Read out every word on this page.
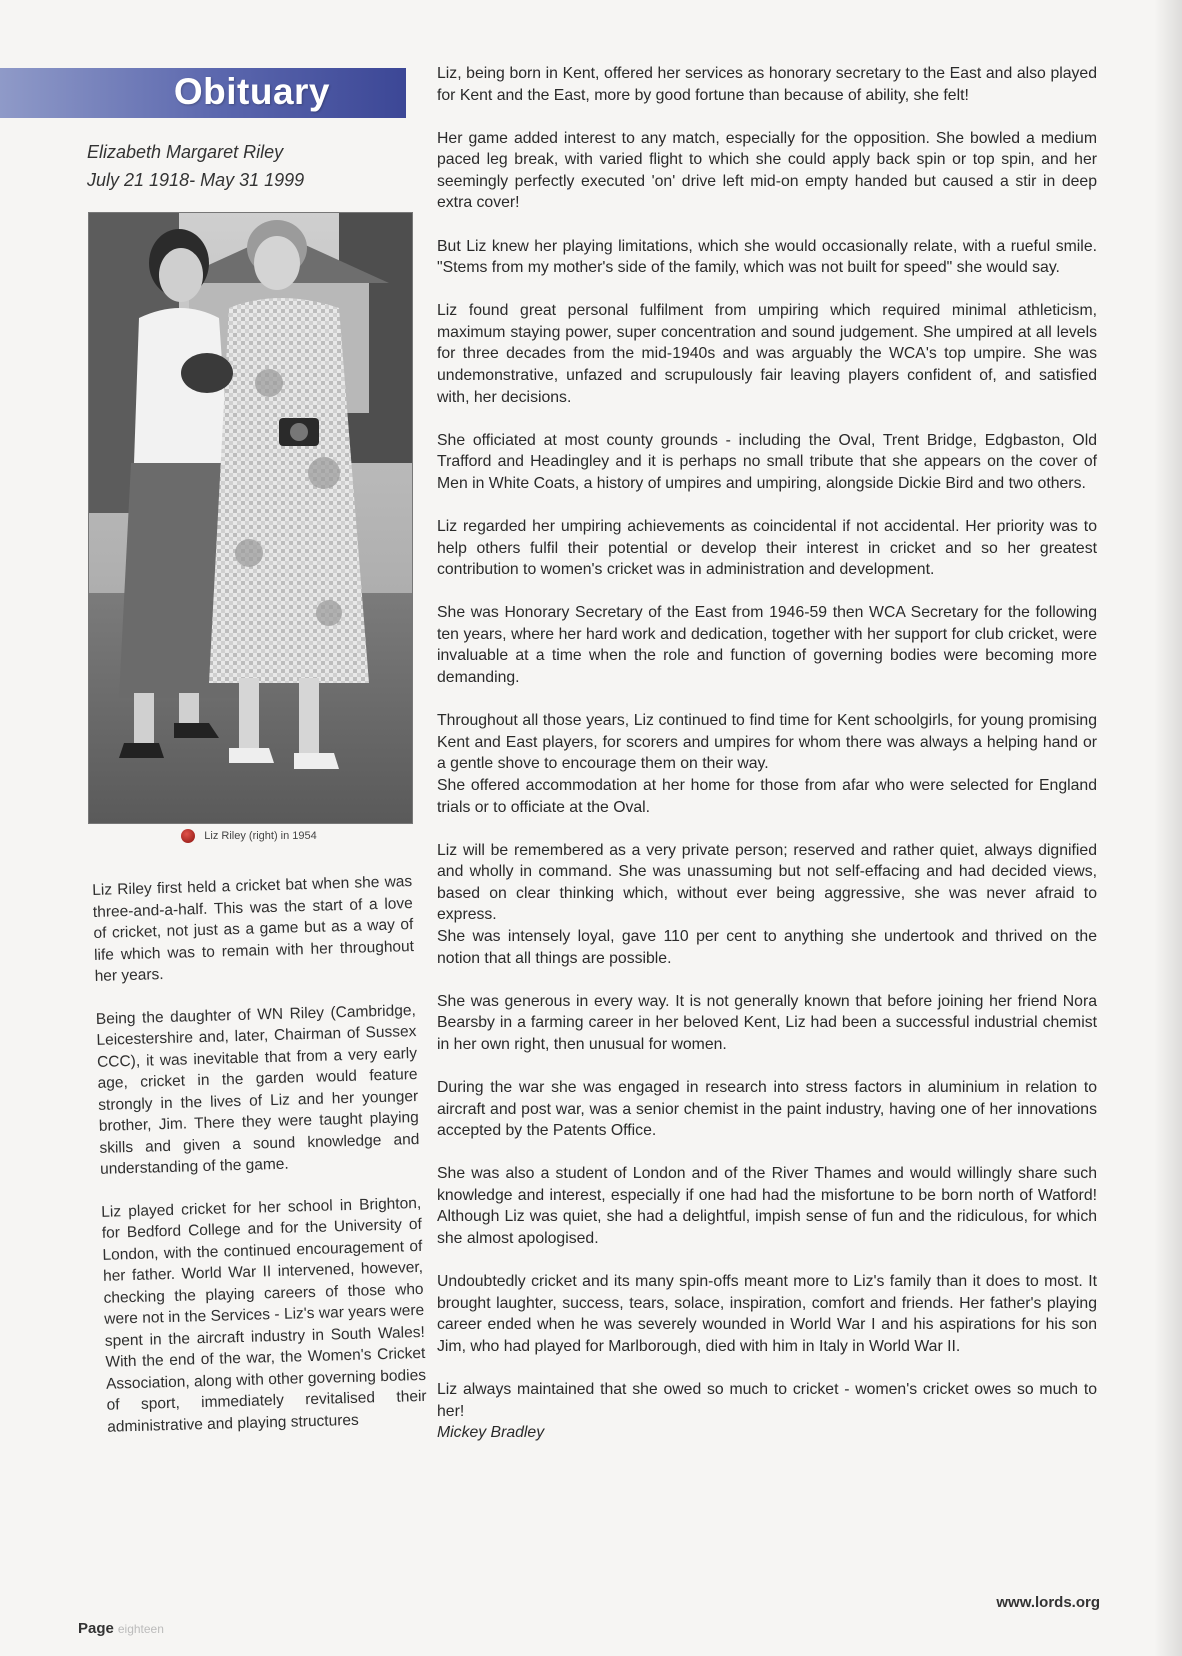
Obituary
Elizabeth Margaret Riley
July 21 1918- May 31 1999
Liz Riley (right) in 1954

Liz Riley first held a cricket bat when she was three-and-a-half. This was the start of a love of cricket, not just as a game but as a way of life which was to remain with her throughout her years.

Being the daughter of WN Riley (Cambridge, Leicestershire and, later, Chairman of Sussex CCC), it was inevitable that from a very early age, cricket in the garden would feature strongly in the lives of Liz and her younger brother, Jim. There they were taught playing skills and given a sound knowledge and understanding of the game.

Liz played cricket for her school in Brighton, for Bedford College and for the University of London, with the continued encouragement of her father. World War II intervened, however, checking the playing careers of those who were not in the Services - Liz's war years were spent in the aircraft industry in South Wales! With the end of the war, the Women's Cricket Association, along with other governing bodies of sport, immediately revitalised their administrative and playing structures

Liz, being born in Kent, offered her services as honorary secretary to the East and also played for Kent and the East, more by good fortune than because of ability, she felt!

Her game added interest to any match, especially for the opposition. She bowled a medium paced leg break, with varied flight to which she could apply back spin or top spin, and her seemingly perfectly executed 'on' drive left mid-on empty handed but caused a stir in deep extra cover!

But Liz knew her playing limitations, which she would occasionally relate, with a rueful smile. "Stems from my mother's side of the family, which was not built for speed" she would say.

Liz found great personal fulfilment from umpiring which required minimal athleticism, maximum staying power, super concentration and sound judgement. She umpired at all levels for three decades from the mid-1940s and was arguably the WCA's top umpire. She was undemonstrative, unfazed and scrupulously fair leaving players confident of, and satisfied with, her decisions.

She officiated at most county grounds - including the Oval, Trent Bridge, Edgbaston, Old Trafford and Headingley and it is perhaps no small tribute that she appears on the cover of Men in White Coats, a history of umpires and umpiring, alongside Dickie Bird and two others.

Liz regarded her umpiring achievements as coincidental if not accidental. Her priority was to help others fulfil their potential or develop their interest in cricket and so her greatest contribution to women's cricket was in administration and development.

She was Honorary Secretary of the East from 1946-59 then WCA Secretary for the following ten years, where her hard work and dedication, together with her support for club cricket, were invaluable at a time when the role and function of governing bodies were becoming more demanding.

Throughout all those years, Liz continued to find time for Kent schoolgirls, for young promising Kent and East players, for scorers and umpires for whom there was always a helping hand or a gentle shove to encourage them on their way.

She offered accommodation at her home for those from afar who were selected for England trials or to officiate at the Oval.

Liz will be remembered as a very private person; reserved and rather quiet, always dignified and wholly in command. She was unassuming but not self-effacing and had decided views, based on clear thinking which, without ever being aggressive, she was never afraid to express.

She was intensely loyal, gave 110 per cent to anything she undertook and thrived on the notion that all things are possible.

She was generous in every way. It is not generally known that before joining her friend Nora Bearsby in a farming career in her beloved Kent, Liz had been a successful industrial chemist in her own right, then unusual for women.

During the war she was engaged in research into stress factors in aluminium in relation to aircraft and post war, was a senior chemist in the paint industry, having one of her innovations accepted by the Patents Office.

She was also a student of London and of the River Thames and would willingly share such knowledge and interest, especially if one had had the misfortune to be born north of Watford! Although Liz was quiet, she had a delightful, impish sense of fun and the ridiculous, for which she almost apologised.

Undoubtedly cricket and its many spin-offs meant more to Liz's family than it does to most. It brought laughter, success, tears, solace, inspiration, comfort and friends. Her father's playing career ended when he was severely wounded in World War I and his aspirations for his son Jim, who had played for Marlborough, died with him in Italy in World War II.

Liz always maintained that she owed so much to cricket - women's cricket owes so much to her!

Mickey Bradley

www.lords.org
Page eighteen
